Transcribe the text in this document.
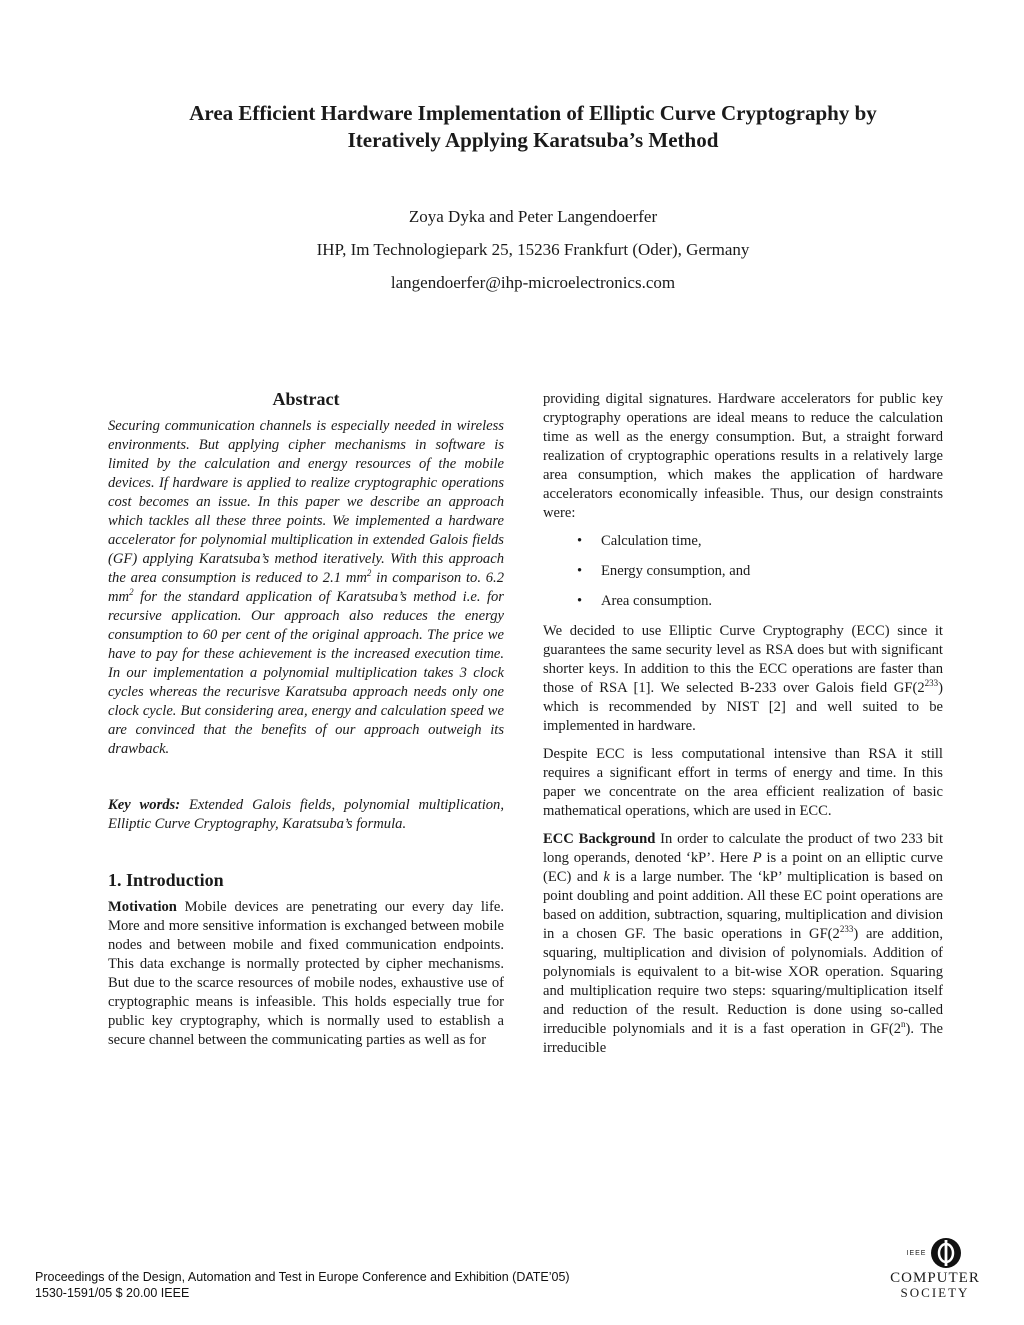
Area Efficient Hardware Implementation of Elliptic Curve Cryptography by
Iteratively Applying Karatsuba’s Method
Zoya Dyka and Peter Langendoerfer
IHP, Im Technologiepark 25, 15236 Frankfurt (Oder), Germany
langendoerfer@ihp-microelectronics.com
Abstract

Securing communication channels is especially needed in wireless environments. But applying cipher mechanisms in software is limited by the calculation and energy resources of the mobile devices. If hardware is applied to realize cryptographic operations cost becomes an issue. In this paper we describe an approach which tackles all these three points. We implemented a hardware accelerator for polynomial multiplication in extended Galois fields (GF) applying Karatsuba’s method iteratively. With this approach the area consumption is reduced to 2.1 $mm^2$ in comparison to. 6.2 $mm^2$ for the standard application of Karatsuba’s method i.e. for recursive application. Our approach also reduces the energy consumption to 60 per cent of the original approach. The price we have to pay for these achievement is the increased execution time. In our implementation a polynomial multiplication takes 3 clock cycles whereas the recurisve Karatsuba approach needs only one clock cycle. But considering area, energy and calculation speed we are convinced that the benefits of our approach outweigh its drawback.

Key words: Extended Galois fields, polynomial multiplication, Elliptic Curve Cryptography, Karatsuba’s formula.

1. Introduction

Motivation Mobile devices are penetrating our every day life. More and more sensitive information is exchanged between mobile nodes and between mobile and fixed communication endpoints. This data exchange is normally protected by cipher mechanisms. But due to the scarce resources of mobile nodes, exhaustive use of cryptographic means is infeasible. This holds especially true for public key cryptography, which is normally used to establish a secure channel between the communicating parties as well as for

providing digital signatures. Hardware accelerators for public key cryptography operations are ideal means to reduce the calculation time as well as the energy consumption. But, a straight forward realization of cryptographic operations results in a relatively large area consumption, which makes the application of hardware accelerators economically infeasible. Thus, our design constraints were:

• Calculation time,
• Energy consumption, and
• Area consumption.

We decided to use Elliptic Curve Cryptography (ECC) since it guarantees the same security level as RSA does but with significant shorter keys. In addition to this the ECC operations are faster than those of RSA [1]. We selected B-233 over Galois field $GF(2^{233})$ which is recommended by NIST [2] and well suited to be implemented in hardware.

Despite ECC is less computational intensive than RSA it still requires a significant effort in terms of energy and time. In this paper we concentrate on the area efficient realization of basic mathematical operations, which are used in ECC.

ECC Background In order to calculate the product of two 233 bit long operands, denoted ‘kP’. Here P is a point on an elliptic curve (EC) and k is a large number. The ‘kP’ multiplication is based on point doubling and point addition. All these EC point operations are based on addition, subtraction, squaring, multiplication and division in a chosen GF. The basic operations in $GF(2^{233})$ are addition, squaring, multiplication and division of polynomials. Addition of polynomials is equivalent to a bit-wise XOR operation. Squaring and multiplication require two steps: squaring/multiplication itself and reduction of the result. Reduction is done using so-called irreducible polynomials and it is a fast operation in GF(2$^n$). The irreducible

Proceedings of the Design, Automation and Test in Europe Conference and Exhibition (DATE’05)
1530-1591/05 $ 20.00 IEEE
IEEE
COMPUTER
SOCIETY
